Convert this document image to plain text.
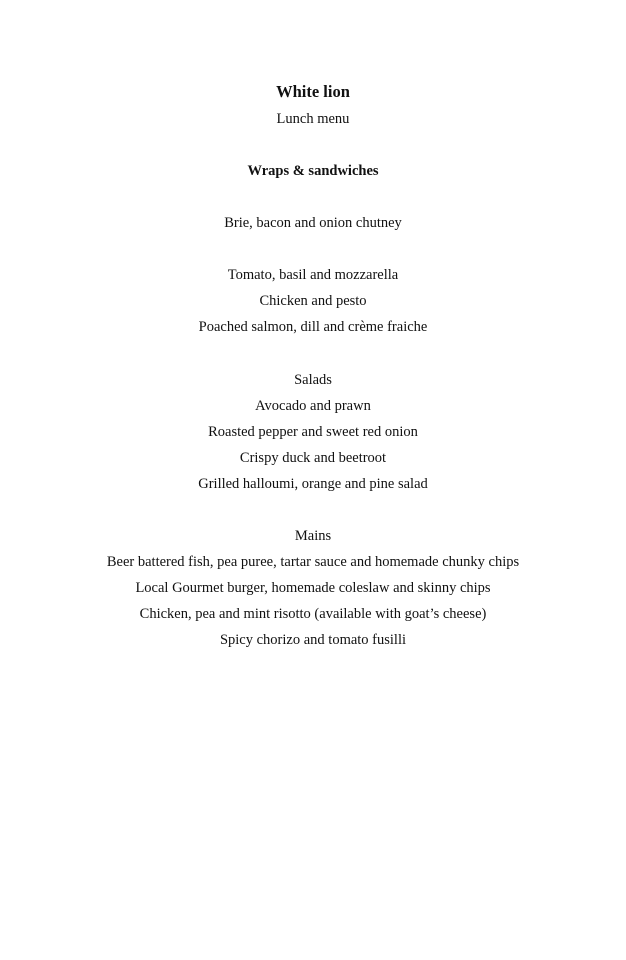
White lion
Lunch menu
Wraps & sandwiches
Brie, bacon and onion chutney
Tomato, basil and mozzarella
Chicken and pesto
Poached salmon, dill and crème fraiche
Salads
Avocado and prawn
Roasted pepper and sweet red onion
Crispy duck and beetroot
Grilled halloumi, orange and pine salad
Mains
Beer battered fish, pea puree, tartar sauce and homemade chunky chips
Local Gourmet burger, homemade coleslaw and skinny chips
Chicken, pea and mint risotto (available with goat’s cheese)
Spicy chorizo and tomato fusilli
